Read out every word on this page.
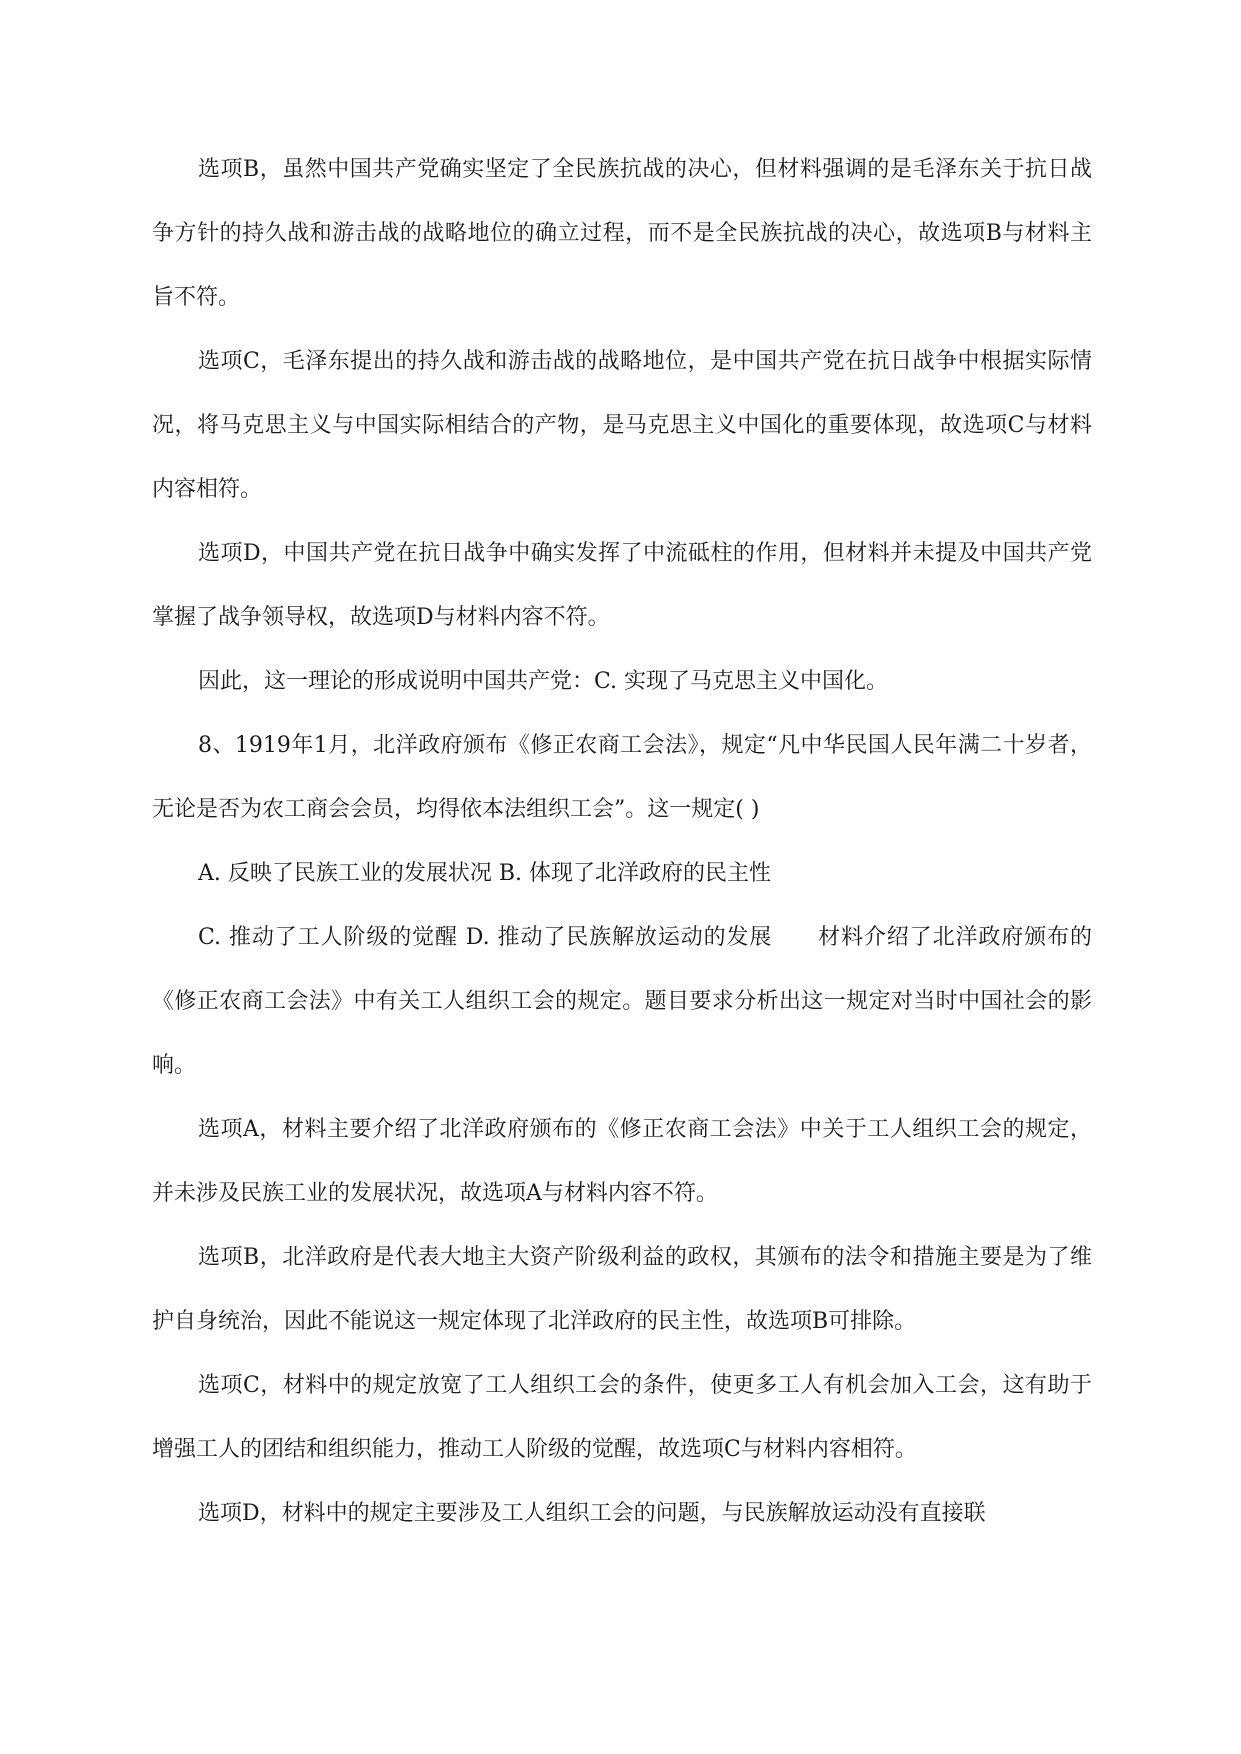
选项B，虽然中国共产党确实坚定了全民族抗战的决心，但材料强调的是毛泽东关于抗日战争方针的持久战和游击战的战略地位的确立过程，而不是全民族抗战的决心，故选项B与材料主旨不符。

选项C，毛泽东提出的持久战和游击战的战略地位，是中国共产党在抗日战争中根据实际情况，将马克思主义与中国实际相结合的产物，是马克思主义中国化的重要体现，故选项C与材料内容相符。

选项D，中国共产党在抗日战争中确实发挥了中流砥柱的作用，但材料并未提及中国共产党掌握了战争领导权，故选项D与材料内容不符。

因此，这一理论的形成说明中国共产党：C. 实现了马克思主义中国化。

8、1919年1月，北洋政府颁布《修正农商工会法》，规定“凡中华民国人民年满二十岁者，无论是否为农工商会会员，均得依本法组织工会”。这一规定( )

A. 反映了民族工业的发展状况 B. 体现了北洋政府的民主性

C. 推动了工人阶级的觉醒 D. 推动了民族解放运动的发展　　材料介绍了北洋政府颁布的《修正农商工会法》中有关工人组织工会的规定。题目要求分析出这一规定对当时中国社会的影响。

选项A，材料主要介绍了北洋政府颁布的《修正农商工会法》中关于工人组织工会的规定，并未涉及民族工业的发展状况，故选项A与材料内容不符。

选项B，北洋政府是代表大地主大资产阶级利益的政权，其颁布的法令和措施主要是为了维护自身统治，因此不能说这一规定体现了北洋政府的民主性，故选项B可排除。

选项C，材料中的规定放宽了工人组织工会的条件，使更多工人有机会加入工会，这有助于增强工人的团结和组织能力，推动工人阶级的觉醒，故选项C与材料内容相符。

选项D，材料中的规定主要涉及工人组织工会的问题，与民族解放运动没有直接联
